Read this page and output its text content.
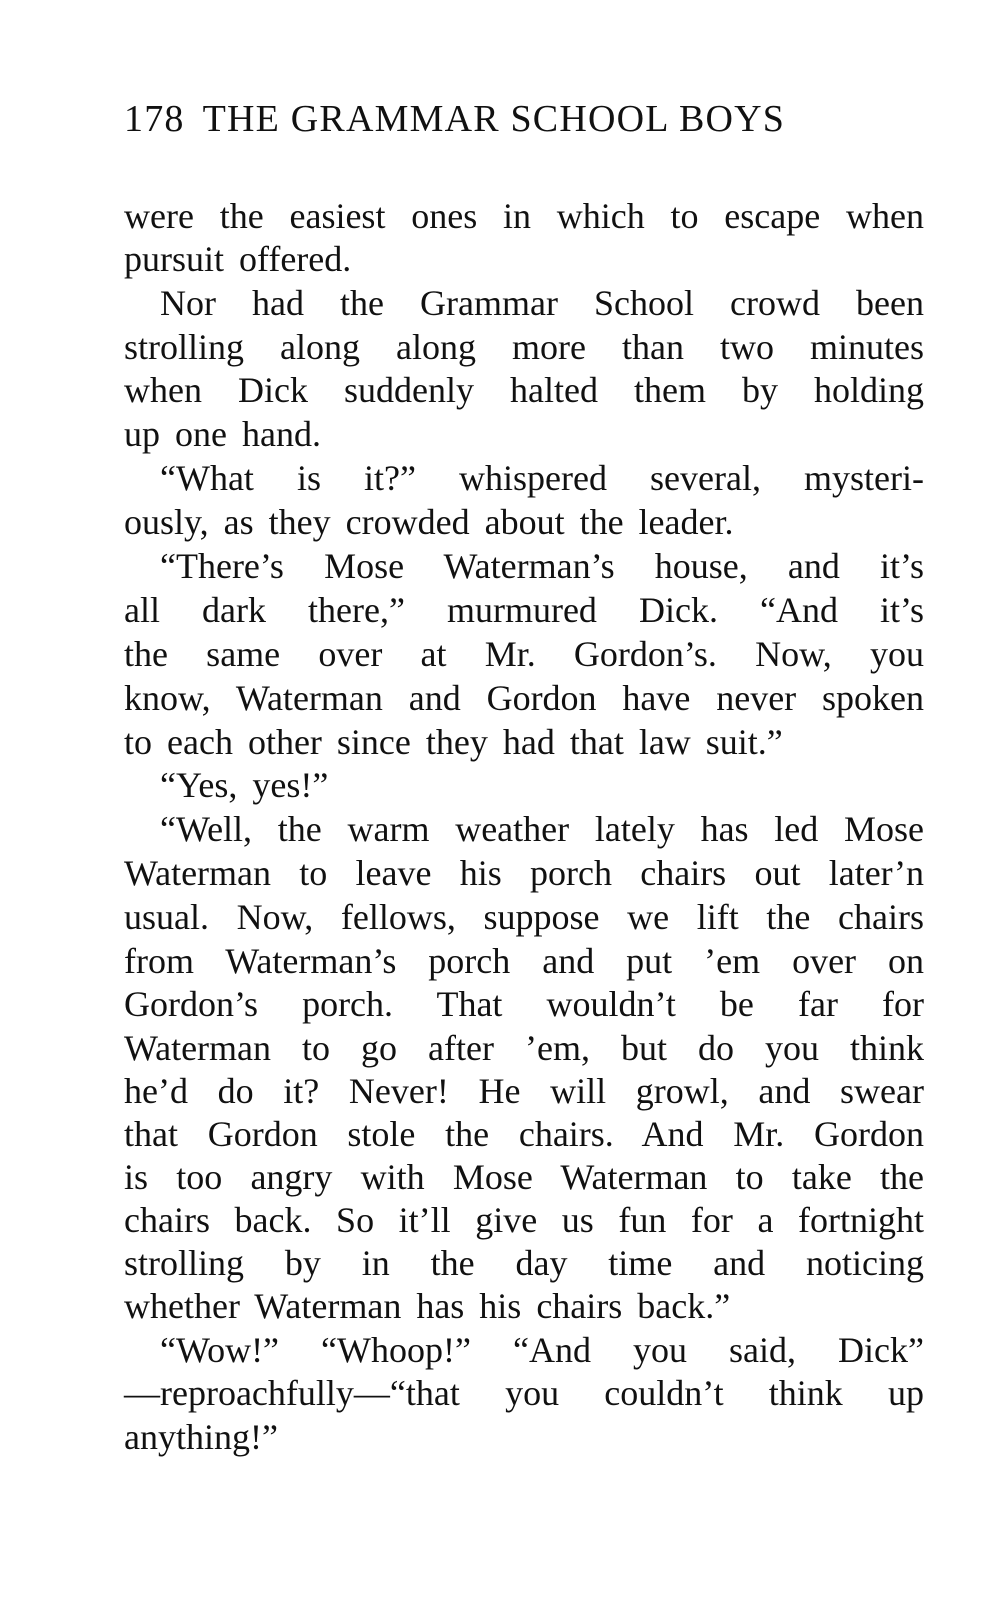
178 THE GRAMMAR SCHOOL BOYS
were the easiest ones in which to escape when
pursuit offered.
Nor had the Grammar School crowd been
strolling along along more than two minutes
when Dick suddenly halted them by holding
up one hand.
“What is it?” whispered several, mysteri-
ously, as they crowded about the leader.
“There’s Mose Waterman’s house, and it’s
all dark there,” murmured Dick. “And it’s
the same over at Mr. Gordon’s. Now, you
know, Waterman and Gordon have never spoken
to each other since they had that law suit.”
“Yes, yes!”
“Well, the warm weather lately has led Mose
Waterman to leave his porch chairs out later’n
usual. Now, fellows, suppose we lift the chairs
from Waterman’s porch and put ’em over on
Gordon’s porch. That wouldn’t be far for
Waterman to go after ’em, but do you think
he’d do it? Never! He will growl, and swear
that Gordon stole the chairs. And Mr. Gordon
is too angry with Mose Waterman to take the
chairs back. So it’ll give us fun for a fortnight
strolling by in the day time and noticing
whether Waterman has his chairs back.”
“Wow!” “Whoop!” “And you said, Dick”
—reproachfully—“that you couldn’t think up
anything!”
